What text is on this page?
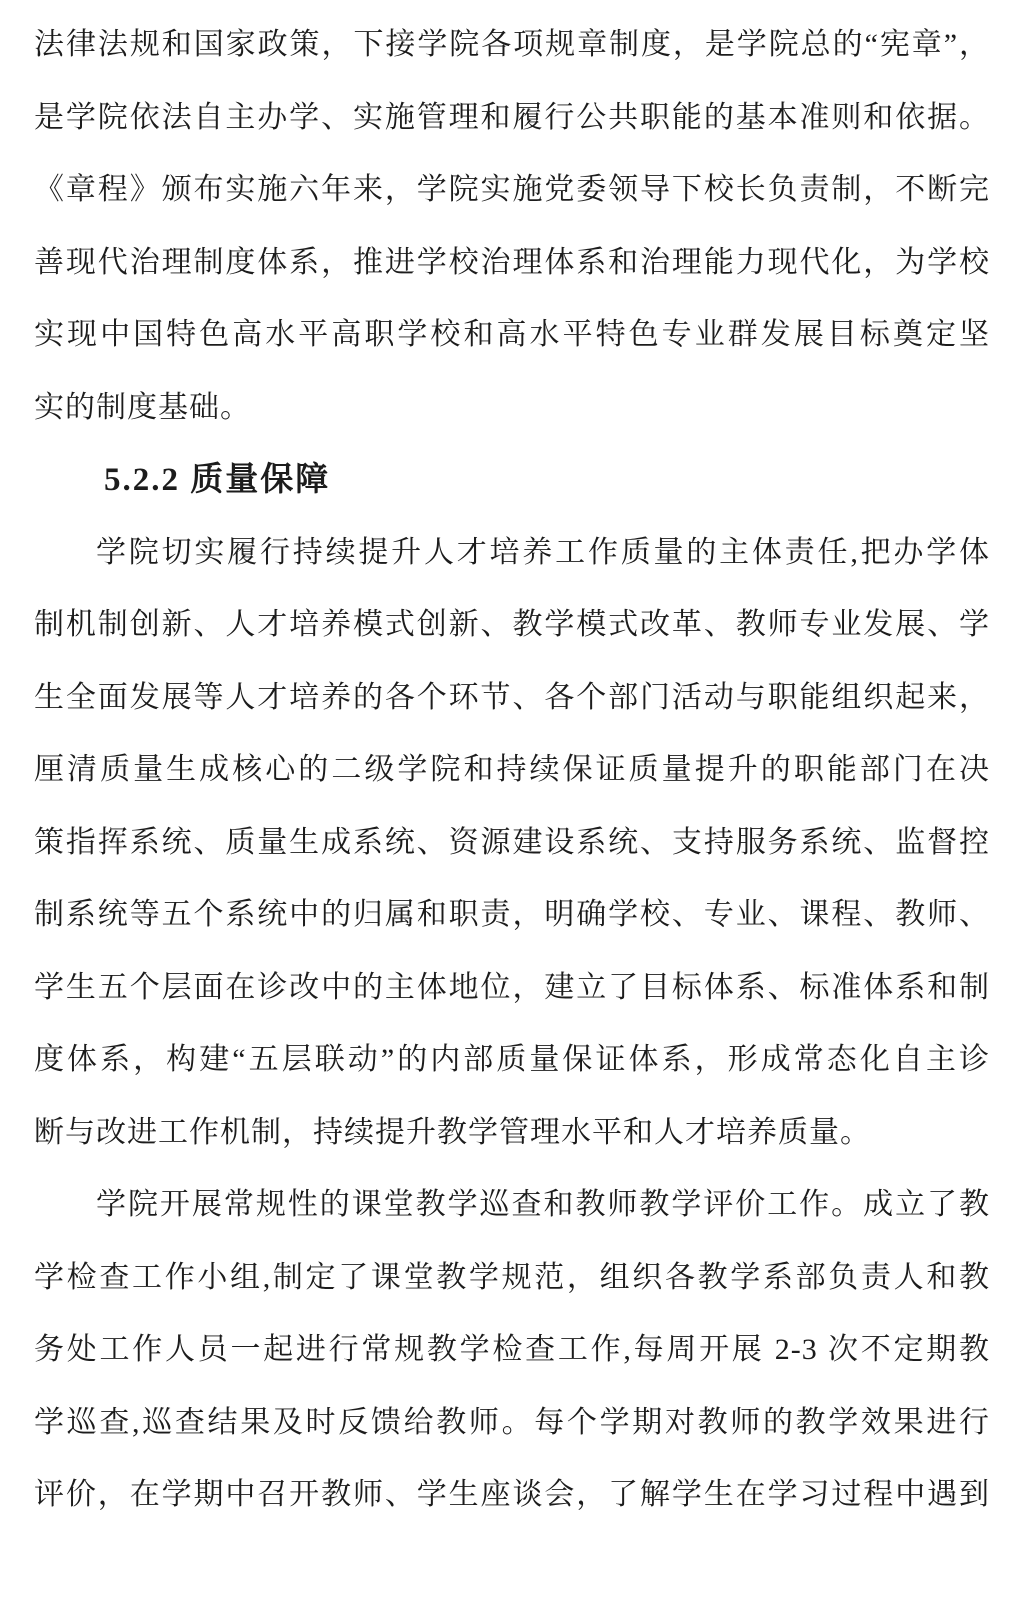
法律法规和国家政策，下接学院各项规章制度，是学院总的“宪章”，
是学院依法自主办学、实施管理和履行公共职能的基本准则和依据。
《章程》颁布实施六年来，学院实施党委领导下校长负责制，不断完
善现代治理制度体系，推进学校治理体系和治理能力现代化，为学校
实现中国特色高水平高职学校和高水平特色专业群发展目标奠定坚
实的制度基础。
5.2.2 质量保障
学院切实履行持续提升人才培养工作质量的主体责任,把办学体
制机制创新、人才培养模式创新、教学模式改革、教师专业发展、学
生全面发展等人才培养的各个环节、各个部门活动与职能组织起来，
厘清质量生成核心的二级学院和持续保证质量提升的职能部门在决
策指挥系统、质量生成系统、资源建设系统、支持服务系统、监督控
制系统等五个系统中的归属和职责，明确学校、专业、课程、教师、
学生五个层面在诊改中的主体地位，建立了目标体系、标准体系和制
度体系，构建“五层联动”的内部质量保证体系，形成常态化自主诊
断与改进工作机制，持续提升教学管理水平和人才培养质量。
学院开展常规性的课堂教学巡查和教师教学评价工作。成立了教
学检查工作小组,制定了课堂教学规范，组织各教学系部负责人和教
务处工作人员一起进行常规教学检查工作,每周开展 2-3 次不定期教
学巡查,巡查结果及时反馈给教师。每个学期对教师的教学效果进行
评价，在学期中召开教师、学生座谈会，了解学生在学习过程中遇到
